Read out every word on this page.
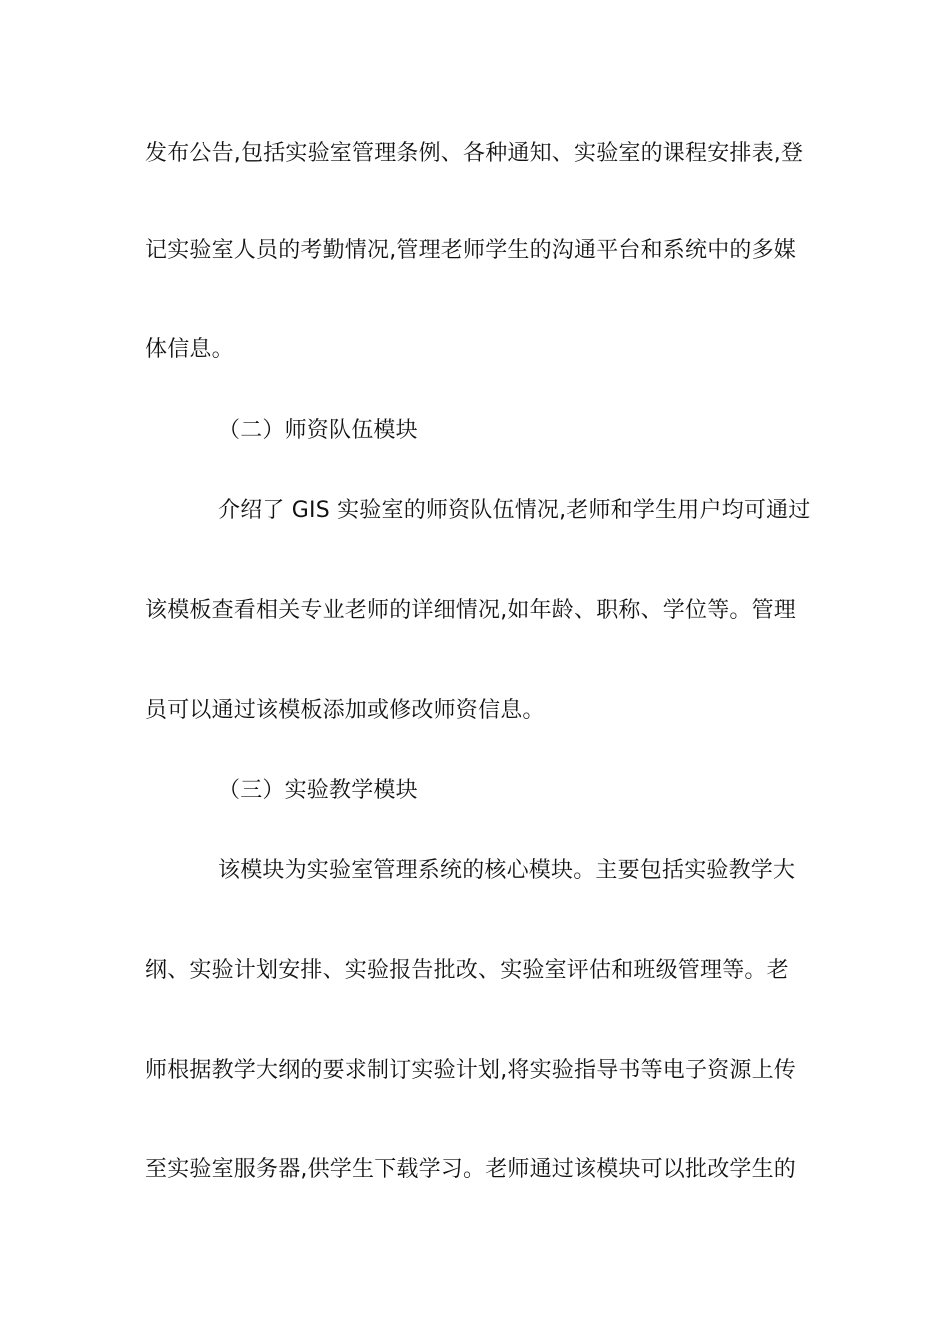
发布公告,包括实验室管理条例、各种通知、实验室的课程安排表,登
记实验室人员的考勤情况,管理老师学生的沟通平台和系统中的多媒
体信息。
（二）师资队伍模块
介绍了 GIS 实验室的师资队伍情况,老师和学生用户均可通过
该模板查看相关专业老师的详细情况,如年龄、职称、学位等。管理
员可以通过该模板添加或修改师资信息。
（三）实验教学模块
该模块为实验室管理系统的核心模块。主要包括实验教学大
纲、实验计划安排、实验报告批改、实验室评估和班级管理等。老
师根据教学大纲的要求制订实验计划,将实验指导书等电子资源上传
至实验室服务器,供学生下载学习。老师通过该模块可以批改学生的
